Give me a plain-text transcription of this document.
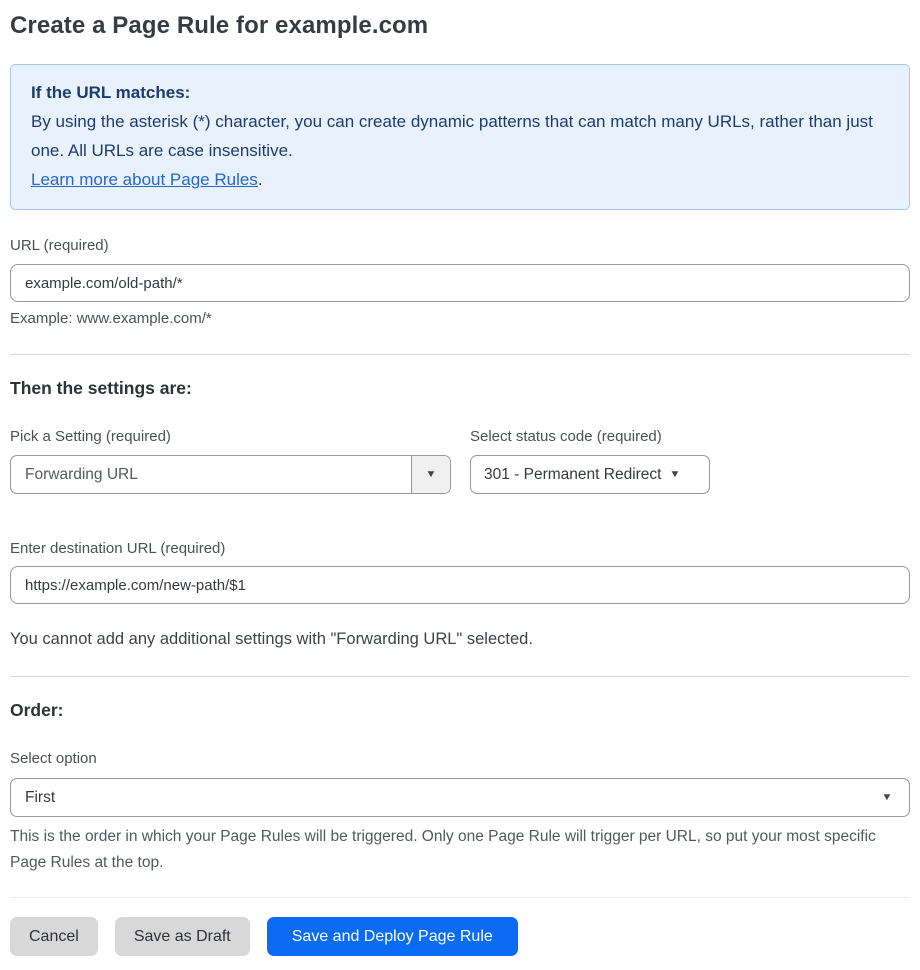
Create a Page Rule for example.com
If the URL matches:

By using the asterisk (*) character, you can create dynamic patterns that can match many URLs, rather than just one. All URLs are case insensitive.
Learn more about Page Rules.

URL (required)
example.com/old-path/*
Example: www.example.com/*
Then the settings are:
Pick a Setting (required)
Forwarding URL	▼
Select status code (required)
301 - Permanent Redirect ▼
Enter destination URL (required)
https://example.com/new-path/$1
You cannot add any additional settings with "Forwarding URL" selected.
Order:
Select option
First	▼
This is the order in which your Page Rules will be triggered. Only one Page Rule will trigger per URL, so put your most specific Page Rules at the top.
Cancel	Save as Draft	Save and Deploy Page Rule
